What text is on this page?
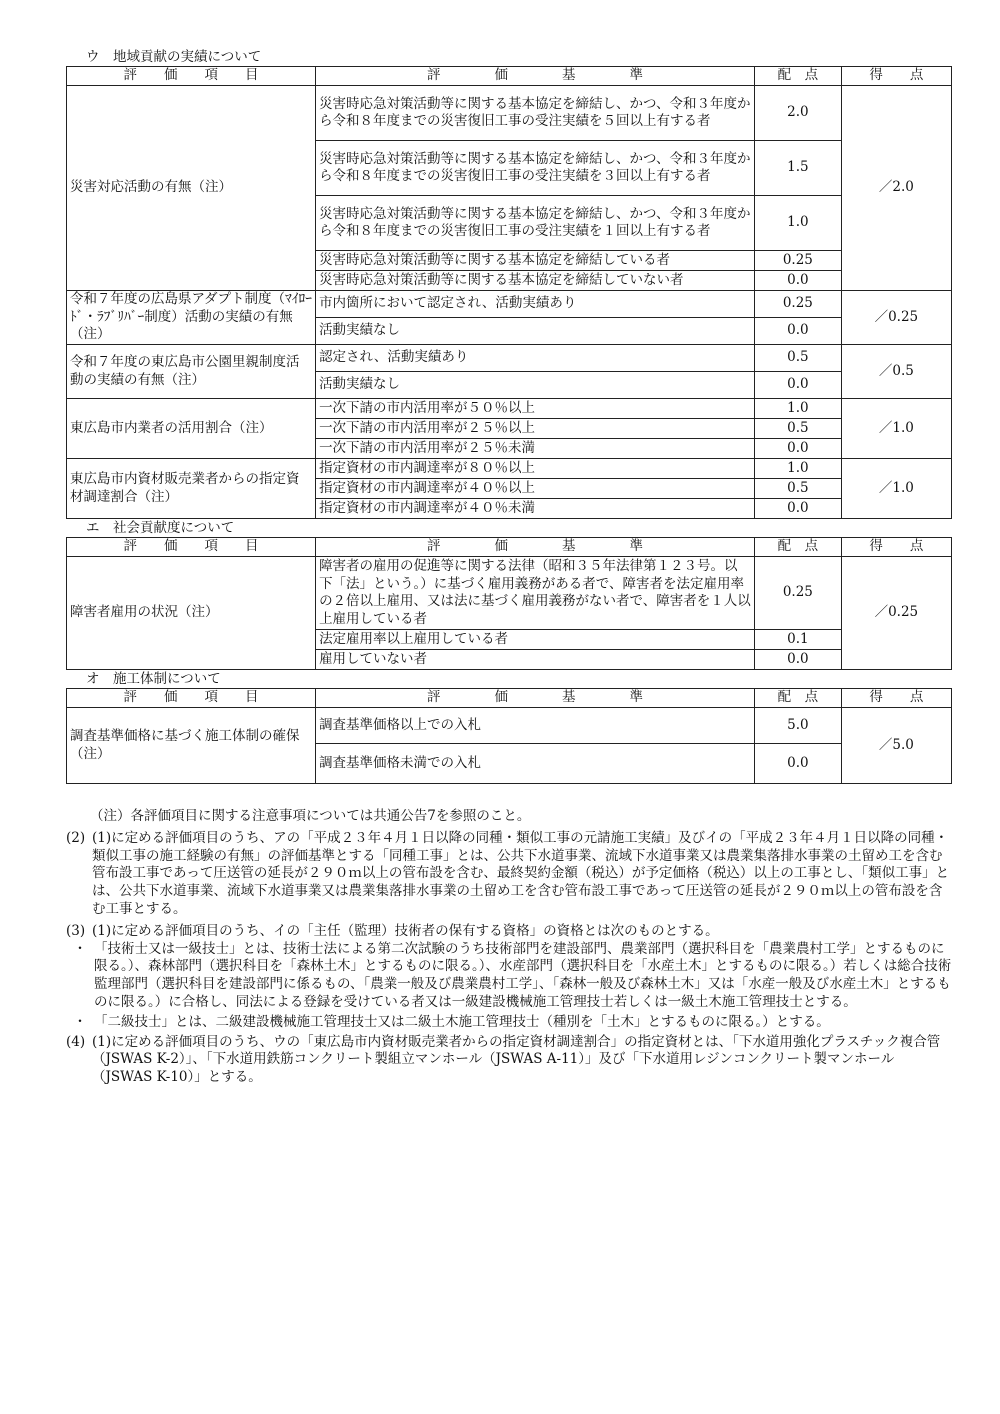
ウ　地域貢献の実績について
評　　価　　項　　目	評　　　　価　　　　基　　　　準	配　点	得　　点
災害対応活動の有無（注）	災害時応急対策活動等に関する基本協定を締結し、かつ、令和３年度から令和８年度までの災害復旧工事の受注実績を５回以上有する者	2.0	／2.0
	災害時応急対策活動等に関する基本協定を締結し、かつ、令和３年度から令和８年度までの災害復旧工事の受注実績を３回以上有する者	1.5	
	災害時応急対策活動等に関する基本協定を締結し、かつ、令和３年度から令和８年度までの災害復旧工事の受注実績を１回以上有する者	1.0	
	災害時応急対策活動等に関する基本協定を締結している者	0.25	
	災害時応急対策活動等に関する基本協定を締結していない者	0.0	
令和７年度の広島県アダプト制度（ﾏｲﾛｰﾄﾞ・ﾗﾌﾞﾘﾊﾞｰ制度）活動の実績の有無（注）	市内箇所において認定され、活動実績あり	0.25	／0.25
	活動実績なし	0.0	
令和７年度の東広島市公園里親制度活動の実績の有無（注）	認定され、活動実績あり	0.5	／0.5
	活動実績なし	0.0	
東広島市内業者の活用割合（注）	一次下請の市内活用率が５０％以上	1.0	／1.0
	一次下請の市内活用率が２５％以上	0.5	
	一次下請の市内活用率が２５％未満	0.0	
東広島市内資材販売業者からの指定資材調達割合（注）	指定資材の市内調達率が８０％以上	1.0	／1.0
	指定資材の市内調達率が４０％以上	0.5	
	指定資材の市内調達率が４０％未満	0.0	
エ　社会貢献度について
評　　価　　項　　目	評　　　　価　　　　基　　　　準	配　点	得　　点
障害者雇用の状況（注）	障害者の雇用の促進等に関する法律（昭和３５年法律第１２３号。以下「法」という。）に基づく雇用義務がある者で、障害者を法定雇用率の２倍以上雇用、又は法に基づく雇用義務がない者で、障害者を１人以上雇用している者	0.25	／0.25
	法定雇用率以上雇用している者	0.1	
	雇用していない者	0.0	
オ　施工体制について
評　　価　　項　　目	評　　　　価　　　　基　　　　準	配　点	得　　点
調査基準価格に基づく施工体制の確保（注）	調査基準価格以上での入札	5.0	／5.0
	調査基準価格未満での入札	0.0	
（注）各評価項目に関する注意事項については共通公告7を参照のこと。
(2) (1)に定める評価項目のうち、アの「平成２３年４月１日以降の同種・類似工事の元請施工実績」及びイの「平成２３年４月１日以降の同種・類似工事の施工経験の有無」の評価基準とする「同種工事」とは、公共下水道事業、流域下水道事業又は農業集落排水事業の土留め工を含む管布設工事であって圧送管の延長が２９０ｍ以上の管布設を含む、最終契約金額（税込）が予定価格（税込）以上の工事とし、「類似工事」とは、公共下水道事業、流域下水道事業又は農業集落排水事業の土留め工を含む管布設工事であって圧送管の延長が２９０ｍ以上の管布設を含む工事とする。
(3) (1)に定める評価項目のうち、イの「主任（監理）技術者の保有する資格」の資格とは次のものとする。
・ 「技術士又は一級技士」とは、技術士法による第二次試験のうち技術部門を建設部門、農業部門（選択科目を「農業農村工学」とするものに限る。）、森林部門（選択科目を「森林土木」とするものに限る。）、水産部門（選択科目を「水産土木」とするものに限る。）若しくは総合技術監理部門（選択科目を建設部門に係るもの、「農業一般及び農業農村工学」、「森林一般及び森林土木」又は「水産一般及び水産土木」とするものに限る。）に合格し、同法による登録を受けている者又は一級建設機械施工管理技士若しくは一級土木施工管理技士とする。
・ 「二級技士」とは、二級建設機械施工管理技士又は二級土木施工管理技士（種別を「土木」とするものに限る。）とする。
(4) (1)に定める評価項目のうち、ウの「東広島市内資材販売業者からの指定資材調達割合」の指定資材とは、「下水道用強化プラスチック複合管（JSWAS K-2）」、「下水道用鉄筋コンクリート製組立マンホール（JSWAS A-11）」及び「下水道用レジンコンクリート製マンホール（JSWAS K-10）」とする。
